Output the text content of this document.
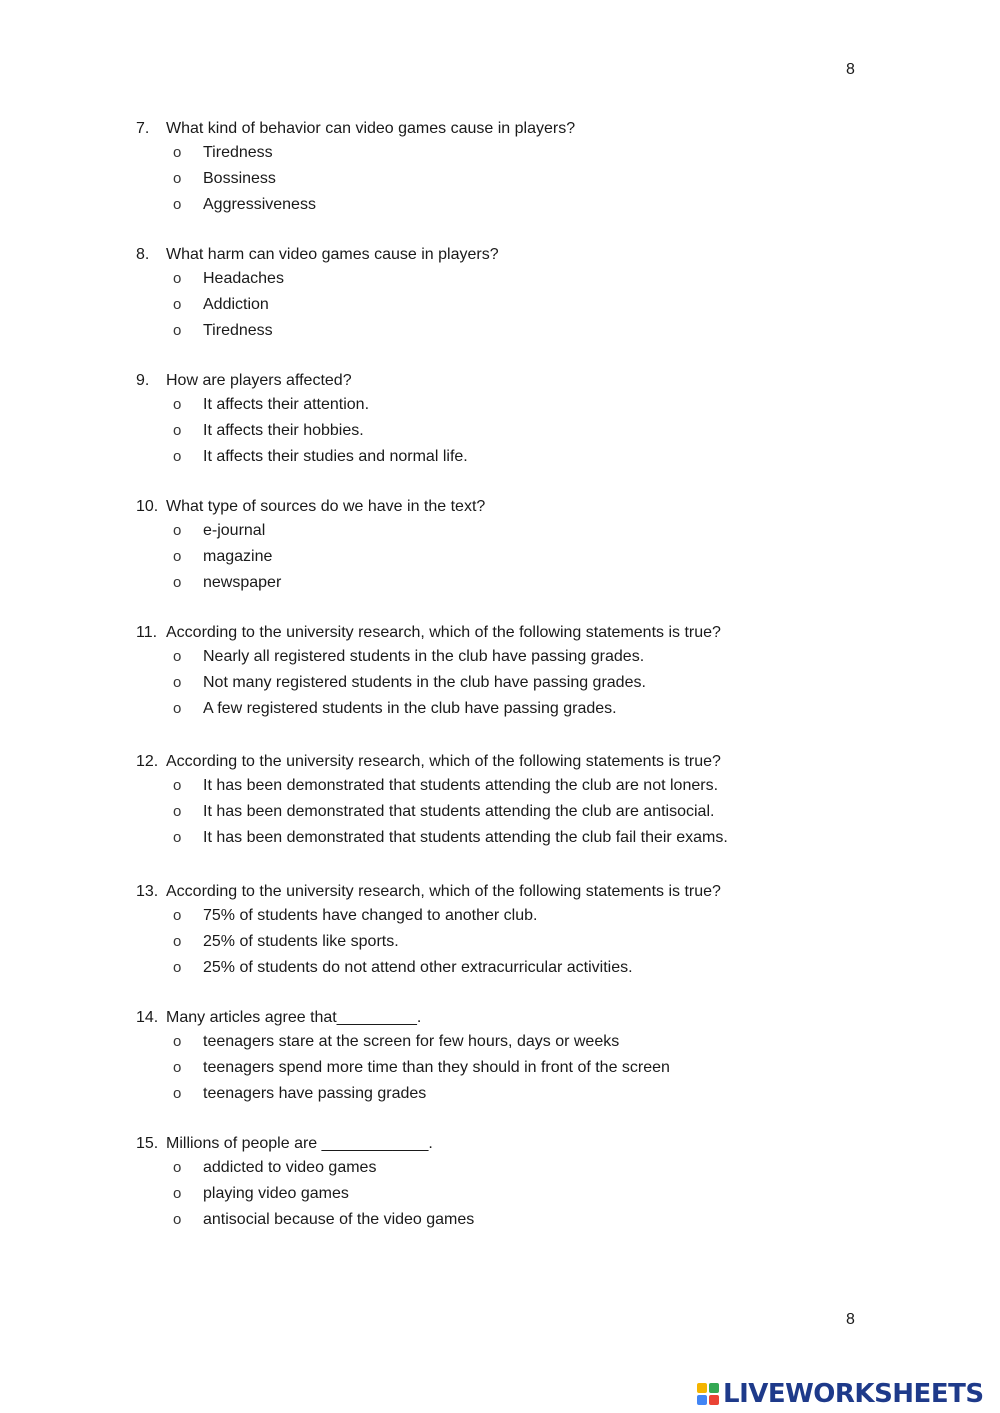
8
7. What kind of behavior can video games cause in players?
o Tiredness
o Bossiness
o Aggressiveness
8. What harm can video games cause in players?
o Headaches
o Addiction
o Tiredness
9. How are players affected?
o It affects their attention.
o It affects their hobbies.
o It affects their studies and normal life.
10. What type of sources do we have in the text?
o e-journal
o magazine
o newspaper
11. According to the university research, which of the following statements is true?
o Nearly all registered students in the club have passing grades.
o Not many registered students in the club have passing grades.
o A few registered students in the club have passing grades.
12. According to the university research, which of the following statements is true?
o It has been demonstrated that students attending the club are not loners.
o It has been demonstrated that students attending the club are antisocial.
o It has been demonstrated that students attending the club fail their exams.
13. According to the university research, which of the following statements is true?
o 75% of students have changed to another club.
o 25% of students like sports.
o 25% of students do not attend other extracurricular activities.
14. Many articles agree that_________.
o teenagers stare at the screen for few hours, days or weeks
o teenagers spend more time than they should in front of the screen
o teenagers have passing grades
15. Millions of people are ____________.
o addicted to video games
o playing video games
o antisocial because of the video games
8
LIVEWORKSHEETS
